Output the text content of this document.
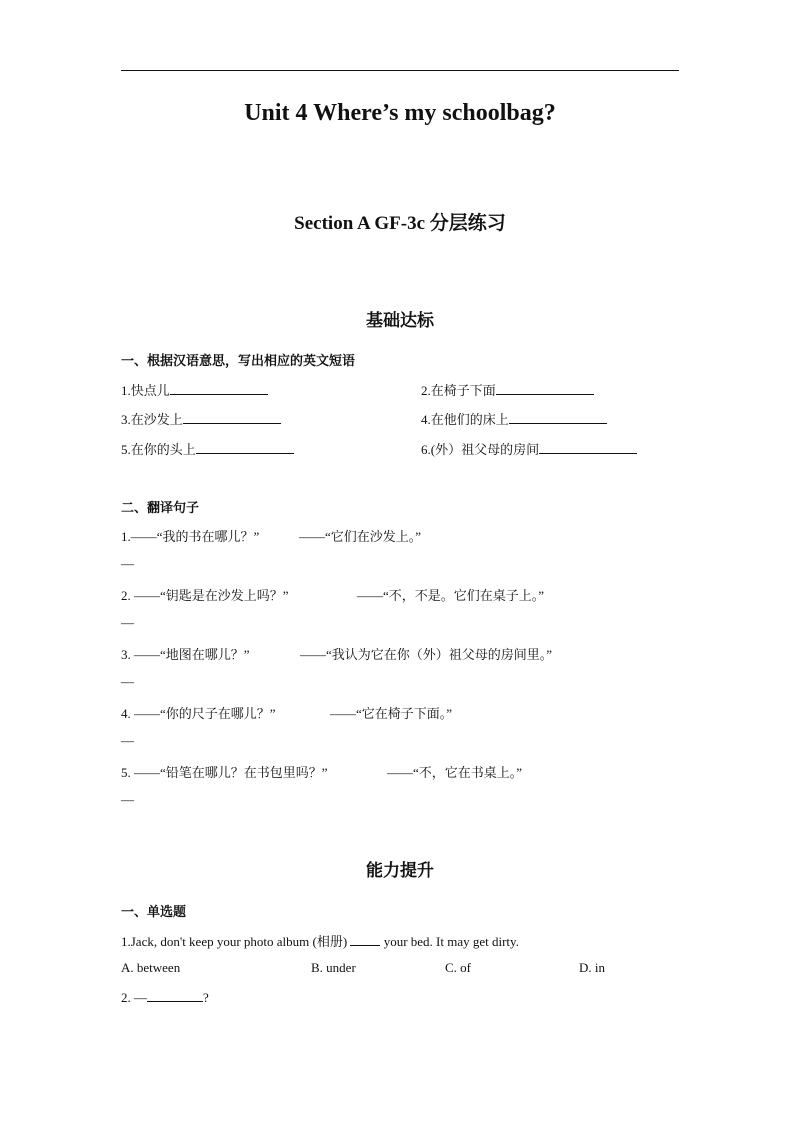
Unit 4 Where’s my schoolbag?
Section A GF-3c 分层练习
基础达标
一、根据汉语意思，写出相应的英文短语
1.快点儿	2.在椅子下面
3.在沙发上	4.在他们的床上
5.在你的头上	6.(外）祖父母的房间
二、翻译句子
1.——“我的书在哪儿？”	——“它们在沙发上。”
—
2. ——“钥匙是在沙发上吗？”	——“不，不是。它们在桌子上。”
—
3. ——“地图在哪儿？”	——“我认为它在你（外）祖父母的房间里。”
—
4. ——“你的尺子在哪儿？”	——“它在椅子下面。”
—
5. ——“铅笔在哪儿？在书包里吗？”	——“不，它在书桌上。”
—
能力提升
一、单选题
1.Jack, don't keep your photo album (相册)	your bed. It may get dirty.
A. between	B. under	C. of	D. in
2. —	?
